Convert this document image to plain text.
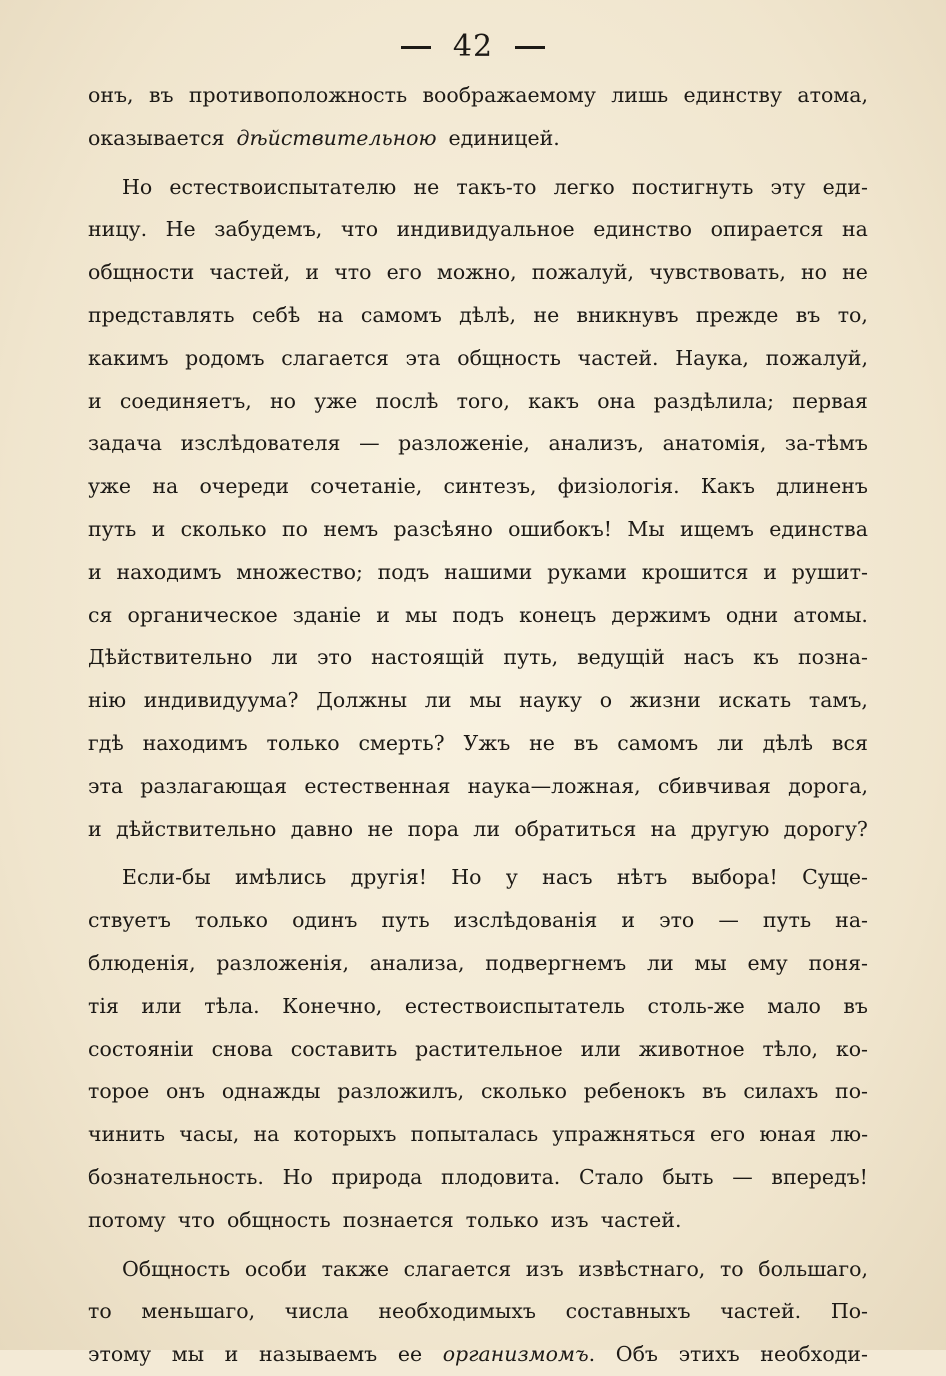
42
онъ, въ противоположность воображаемому лишь единству атома,
оказывается дѣйствительною единицей.
Но естествоиспытателю не такъ-то легко постигнуть эту еди-
ницу. Не забудемъ, что индивидуальное единство опирается на
общности частей, и что его можно, пожалуй, чувствовать, но не
представлять себѣ на самомъ дѣлѣ, не вникнувъ прежде въ то,
какимъ родомъ слагается эта общность частей. Наука, пожалуй,
и соединяетъ, но уже послѣ того, какъ она раздѣлила; первая
задача изслѣдователя — разложеніе, анализъ, анатомія, за-тѣмъ
уже на очереди сочетаніе, синтезъ, физіологія. Какъ длиненъ
путь и сколько по немъ разсѣяно ошибокъ! Мы ищемъ единства
и находимъ множество; подъ нашими руками крошится и рушит-
ся органическое зданіе и мы подъ конецъ держимъ одни атомы.
Дѣйствительно ли это настоящій путь, ведущій насъ къ позна-
нію индивидуума? Должны ли мы науку о жизни искать тамъ,
гдѣ находимъ только смерть? Ужъ не въ самомъ ли дѣлѣ вся
эта разлагающая естественная наука—ложная, сбивчивая дорога,
и дѣйствительно давно не пора ли обратиться на другую дорогу?
Если-бы имѣлись другія! Но у насъ нѣтъ выбора! Суще-
ствуетъ только одинъ путь изслѣдованія и это — путь на-
блюденія, разложенія, анализа, подвергнемъ ли мы ему поня-
тія или тѣла. Конечно, естествоиспытатель столь-же мало въ
состояніи снова составить растительное или животное тѣло, ко-
торое онъ однажды разложилъ, сколько ребенокъ въ силахъ по-
чинить часы, на которыхъ попыталась упражняться его юная лю-
бознательность. Но природа плодовита. Стало быть — впередъ!
потому что общность познается только изъ частей.
Общность особи также слагается изъ извѣстнаго, то большаго,
то меньшаго, числа необходимыхъ составныхъ частей. По-
этому мы и называемъ ее организмомъ. Объ этихъ необходи-
